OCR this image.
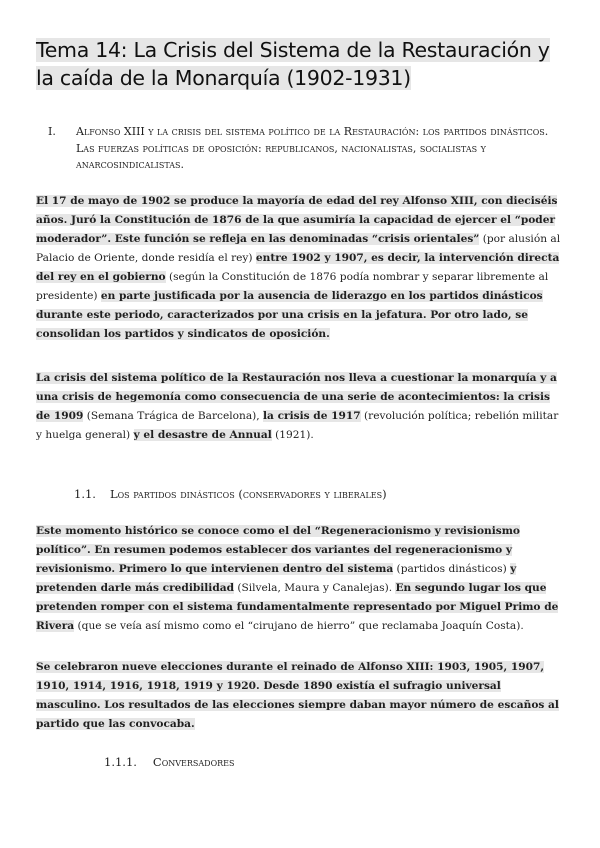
Tema 14: La Crisis del Sistema de la Restauración y la caída de la Monarquía (1902-1931)
I. Alfonso XIII y la crisis del sistema político de la Restauración: los partidos dinásticos. Las fuerzas políticas de oposición: republicanos, nacionalistas, socialistas y anarcosindicalistas.

El 17 de mayo de 1902 se produce la mayoría de edad del rey Alfonso XIII, con dieciséis años. Juró la Constitución de 1876 de la que asumiría la capacidad de ejercer el “poder moderador”. Este función se refleja en las denominadas “crisis orientales” (por alusión al Palacio de Oriente, donde residía el rey) entre 1902 y 1907, es decir, la intervención directa del rey en el gobierno (según la Constitución de 1876 podía nombrar y separar libremente al presidente) en parte justificada por la ausencia de liderazgo en los partidos dinásticos durante este periodo, caracterizados por una crisis en la jefatura. Por otro lado, se consolidan los partidos y sindicatos de oposición.

La crisis del sistema político de la Restauración nos lleva a cuestionar la monarquía y a una crisis de hegemonía como consecuencia de una serie de acontecimientos: la crisis de 1909 (Semana Trágica de Barcelona), la crisis de 1917 (revolución política; rebelión militar y huelga general) y el desastre de Annual (1921).

1.1. Los partidos dinásticos (conservadores y liberales)

Este momento histórico se conoce como el del “Regeneracionismo y revisionismo político”. En resumen podemos establecer dos variantes del regeneracionismo y revisionismo. Primero lo que intervienen dentro del sistema (partidos dinásticos) y pretenden darle más credibilidad (Silvela, Maura y Canalejas). En segundo lugar los que pretenden romper con el sistema fundamentalmente representado por Miguel Primo de Rivera (que se veía así mismo como el “cirujano de hierro” que reclamaba Joaquín Costa).

Se celebraron nueve elecciones durante el reinado de Alfonso XIII: 1903, 1905, 1907, 1910, 1914, 1916, 1918, 1919 y 1920. Desde 1890 existía el sufragio universal masculino. Los resultados de las elecciones siempre daban mayor número de escaños al partido que las convocaba.

1.1.1. Conversadores
